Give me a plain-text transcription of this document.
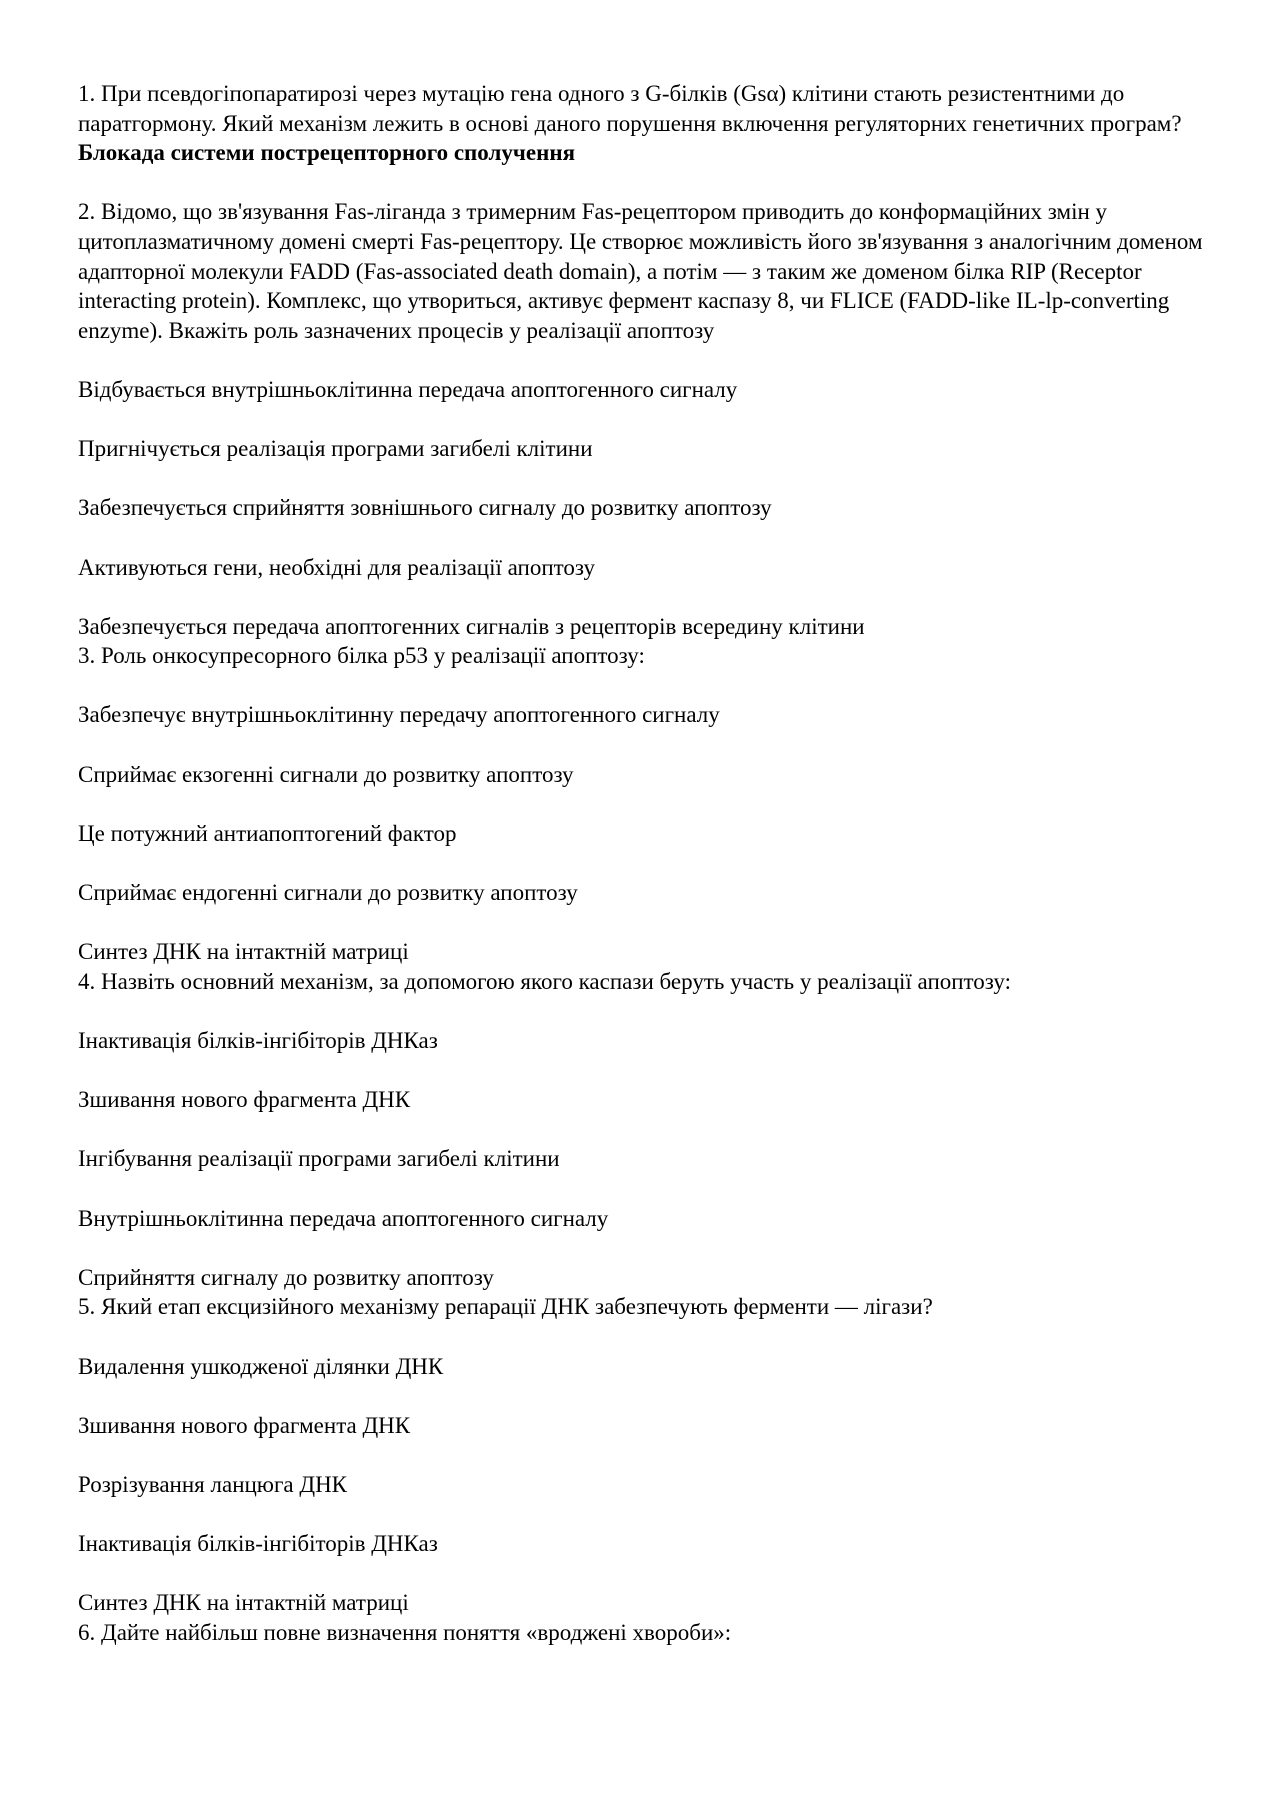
1. При псевдогіпопаратирозі через мутацію гена одного з G-білків (Gsα) клітини стають резистентними до паратгормону. Який механізм лежить в основі даного порушення включення регуляторних генетичних програм?

Блокада системи пострецепторного сполучення

2. Відомо, що зв'язування Fas-ліганда з тримерним Fas-рецептором приводить до конформаційних змін у цитоплазматичному домені смерті Fas-рецептору. Це створює можливість його зв'язування з аналогічним доменом адапторної молекули FADD (Fas-associated death domain), а потім — з таким же доменом білка RIP (Receptor interacting protein). Комплекс, що утвориться, активує фермент каспазу 8, чи FLICE (FADD-like IL-lp-converting enzyme). Вкажіть роль зазначених процесів у реалізації апоптозу

Відбувається внутрішньоклітинна передача апоптогенного сигналу

Пригнічується реалізація програми загибелі клітини

Забезпечується сприйняття зовнішнього сигналу до розвитку апоптозу

Активуються гени, необхідні для реалізації апоптозу

Забезпечується передача апоптогенних сигналів з рецепторів всередину клітини

3. Роль онкосупресорного білка p53 у реалізації апоптозу:

Забезпечує внутрішньоклітинну передачу апоптогенного сигналу

Сприймає екзогенні сигнали до розвитку апоптозу

Це потужний антиапоптогений фактор

Сприймає ендогенні сигнали до розвитку апоптозу

Синтез ДНК на інтактній матриці

4. Назвіть основний механізм, за допомогою якого каспази беруть участь у реалізації апоптозу:

Інактивація білків-інгібіторів ДНКаз

Зшивання нового фрагмента ДНК

Інгібування реалізації програми загибелі клітини

Внутрішньоклітинна передача апоптогенного сигналу

Сприйняття сигналу до розвитку апоптозу

5. Який етап ексцизійного механізму репарації ДНК забезпечують ферменти — лігази?

Видалення ушкодженої ділянки ДНК

Зшивання нового фрагмента ДНК

Розрізування ланцюга ДНК

Інактивація білків-інгібіторів ДНКаз

Синтез ДНК на інтактній матриці

6. Дайте найбільш повне визначення поняття «вроджені хвороби»:
